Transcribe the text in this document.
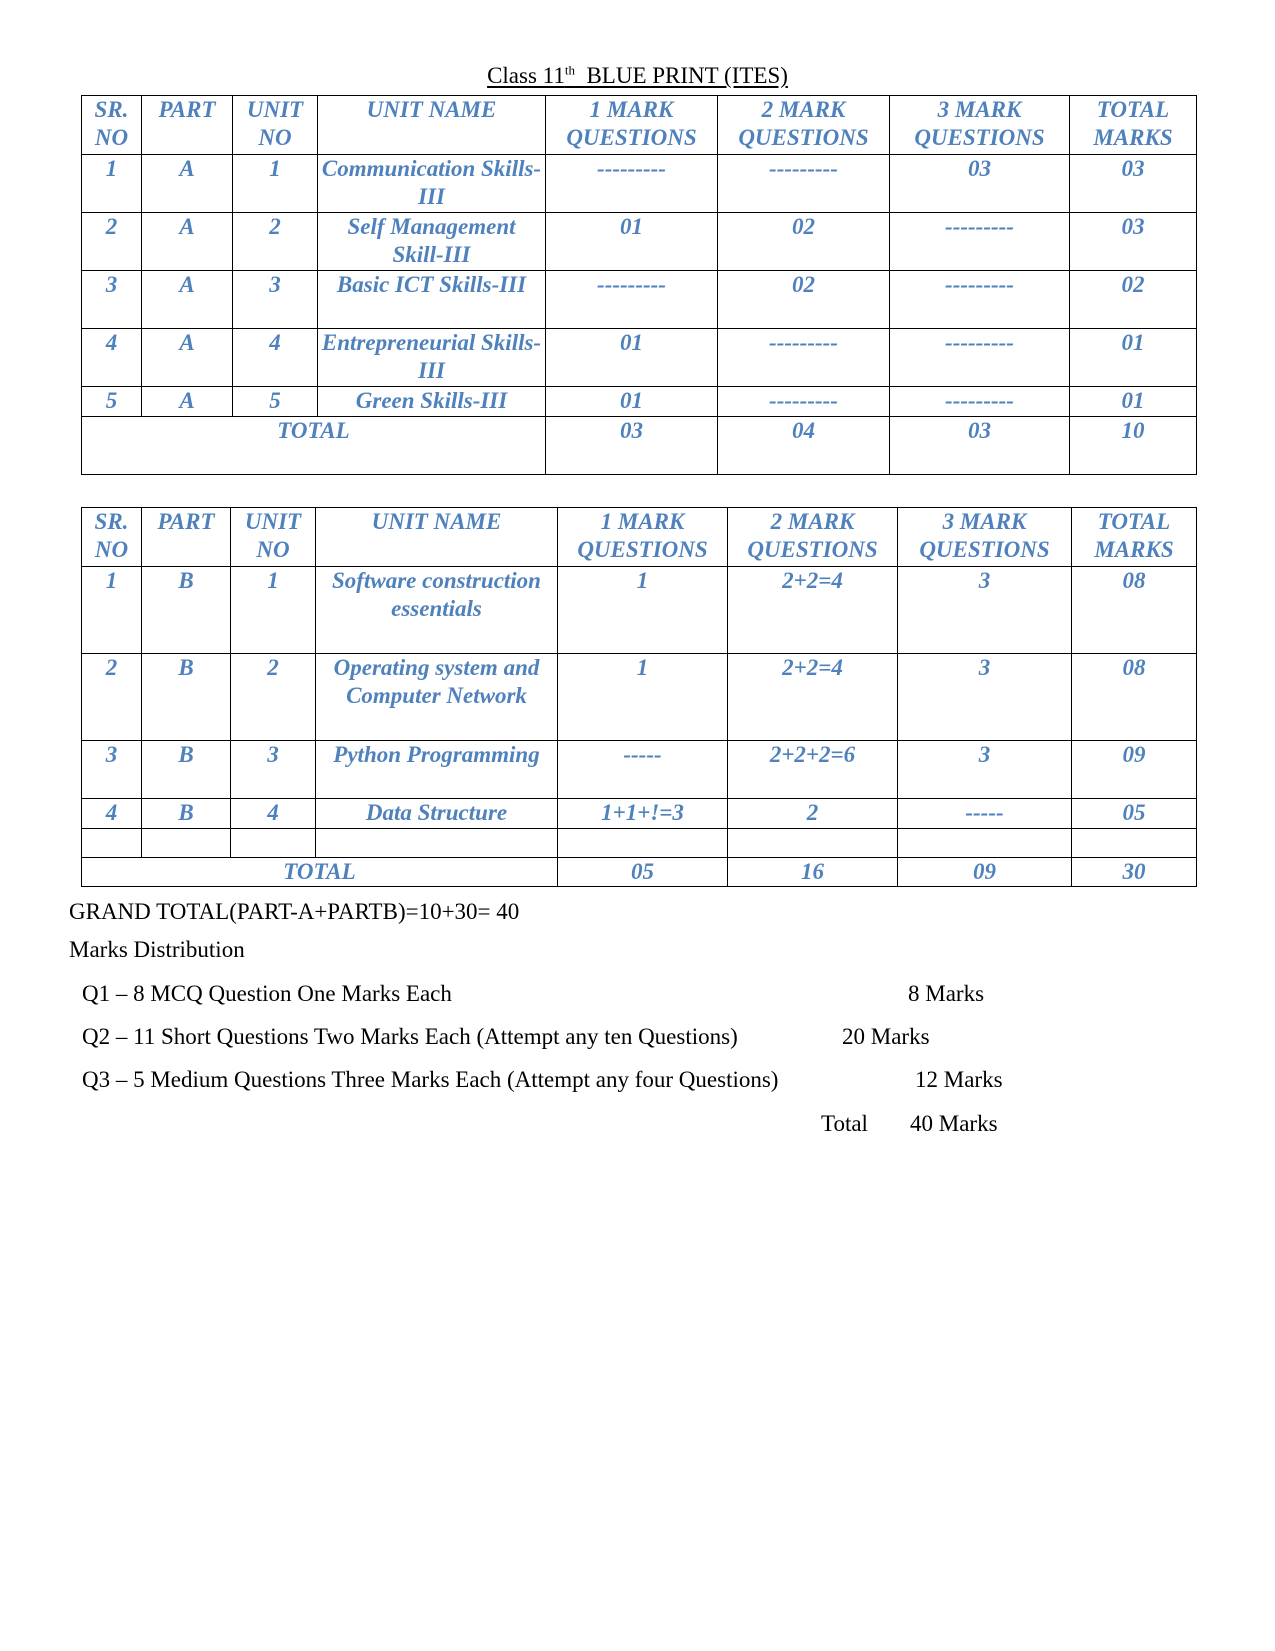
Class 11th  BLUE PRINT (ITES)
SR. NO	PART	UNIT NO	UNIT NAME	1 MARK QUESTIONS	2 MARK QUESTIONS	3 MARK QUESTIONS	TOTAL MARKS
1	A	1	Communication Skills-III	---------	---------	03	03
2	A	2	Self Management Skill-III	01	02	---------	03
3	A	3	Basic ICT Skills-III	---------	02	---------	02
4	A	4	Entrepreneurial Skills-III	01	---------	---------	01
5	A	5	Green Skills-III	01	---------	---------	01
TOTAL				03	04	03	10
SR. NO	PART	UNIT NO	UNIT NAME	1 MARK QUESTIONS	2 MARK QUESTIONS	3 MARK QUESTIONS	TOTAL MARKS
1	B	1	Software construction essentials	1	2+2=4	3	08
2	B	2	Operating system and Computer Network	1	2+2=4	3	08
3	B	3	Python Programming	-----	2+2+2=6	3	09
4	B	4	Data Structure	1+1+!=3	2	-----	05

TOTAL				05	16	09	30
GRAND TOTAL(PART-A+PARTB)=10+30= 40
Marks Distribution
Q1 – 8 MCQ Question One Marks Each	8 Marks
Q2 – 11 Short Questions Two Marks Each (Attempt any ten Questions)	20 Marks
Q3 – 5 Medium Questions Three Marks Each (Attempt any four Questions)	12 Marks
Total 40 Marks
